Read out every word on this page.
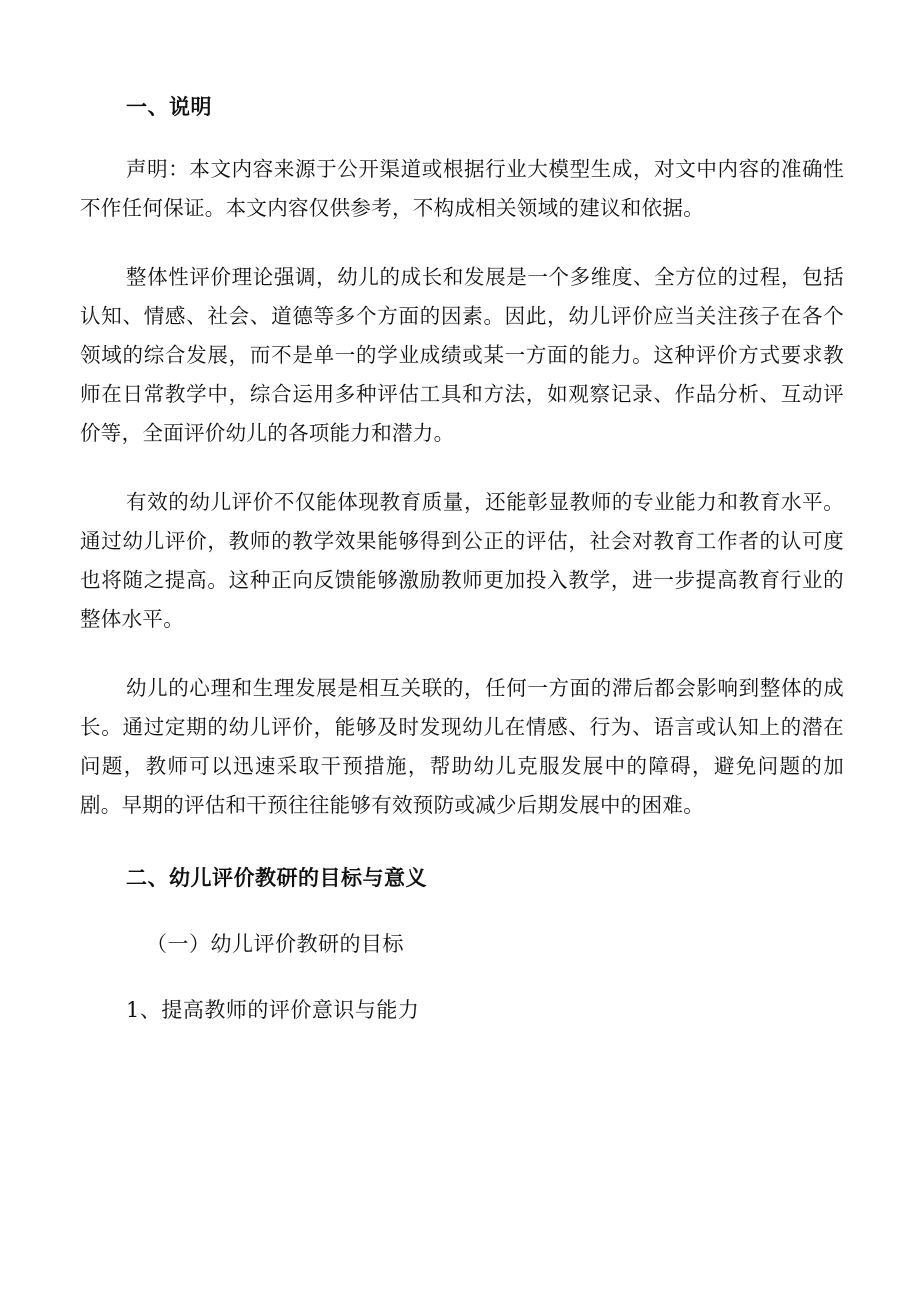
一、说明

声明：本文内容来源于公开渠道或根据行业大模型生成，对文中内容的准确性不作任何保证。本文内容仅供参考，不构成相关领域的建议和依据。

整体性评价理论强调，幼儿的成长和发展是一个多维度、全方位的过程，包括认知、情感、社会、道德等多个方面的因素。因此，幼儿评价应当关注孩子在各个领域的综合发展，而不是单一的学业成绩或某一方面的能力。这种评价方式要求教师在日常教学中，综合运用多种评估工具和方法，如观察记录、作品分析、互动评价等，全面评价幼儿的各项能力和潜力。

有效的幼儿评价不仅能体现教育质量，还能彰显教师的专业能力和教育水平。通过幼儿评价，教师的教学效果能够得到公正的评估，社会对教育工作者的认可度也将随之提高。这种正向反馈能够激励教师更加投入教学，进一步提高教育行业的整体水平。

幼儿的心理和生理发展是相互关联的，任何一方面的滞后都会影响到整体的成长。通过定期的幼儿评价，能够及时发现幼儿在情感、行为、语言或认知上的潜在问题，教师可以迅速采取干预措施，帮助幼儿克服发展中的障碍，避免问题的加剧。早期的评估和干预往往能够有效预防或减少后期发展中的困难。

二、幼儿评价教研的目标与意义
（一）幼儿评价教研的目标
1、提高教师的评价意识与能力
